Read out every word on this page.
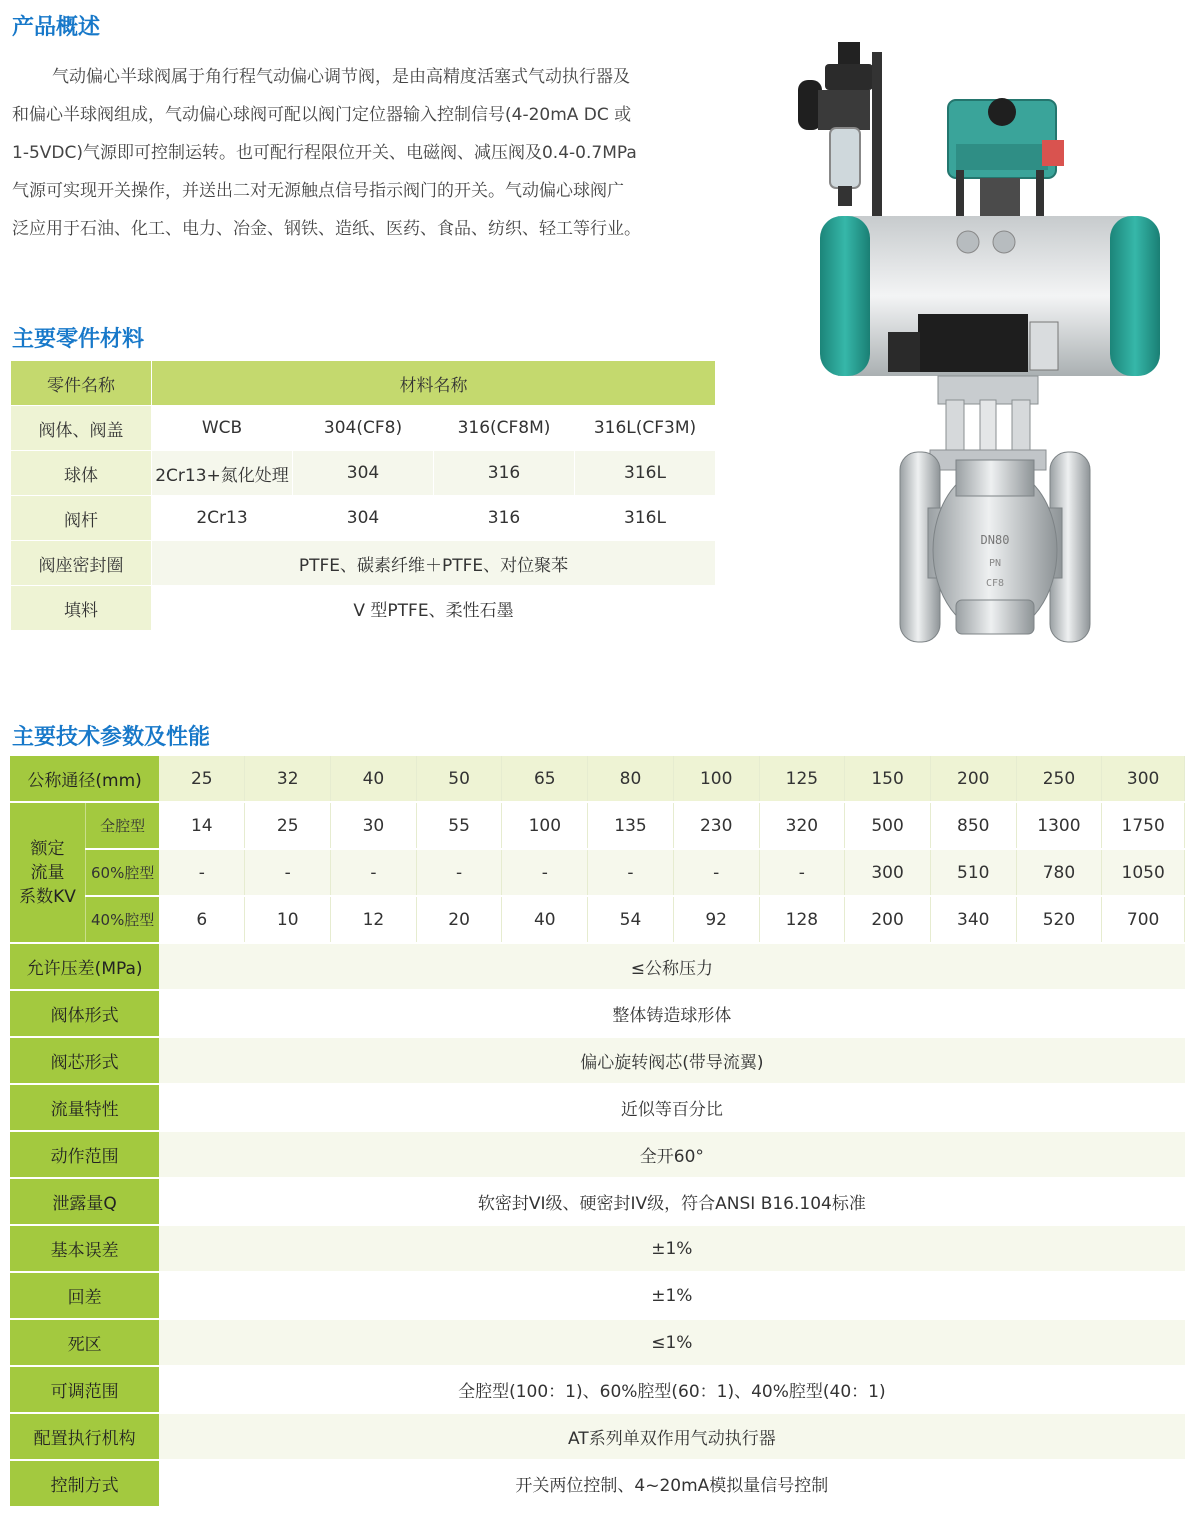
产品概述

气动偏心半球阀属于角行程气动偏心调节阀，是由高精度活塞式气动执行器及
和偏心半球阀组成，气动偏心球阀可配以阀门定位器输入控制信号(4-20mA DC 或
1-5VDC)气源即可控制运转。也可配行程限位开关、电磁阀、减压阀及0.4-0.7MPa
气源可实现开关操作，并送出二对无源触点信号指示阀门的开关。气动偏心球阀广
泛应用于石油、化工、电力、冶金、钢铁、造纸、医药、食品、纺织、轻工等行业。

DN80
PN
CF8
主要零件材料
零件名称	材料名称			
阀体、阀盖	WCB	304(CF8)	316(CF8M)	316L(CF3M)
球体	2Cr13+氮化处理	304	316	316L
阀杆	2Cr13	304	316	316L
阀座密封圈	PTFE、碳素纤维＋PTFE、对位聚苯			
填料	V 型PTFE、柔性石墨			
主要技术参数及性能
公称通径(mm)		25	32	40	50	65	80	100	125	150	200	250	300

额定
流量
系数KV	全腔型	14	25	30	55	100	135	230	320	500	850	1300	1750
	60%腔型	-	-	-	-	-	-	-	-	300	510	780	1050
	40%腔型	6	10	12	20	40	54	92	128	200	340	520	700
允许压差(MPa)		≤公称压力											
阀体形式		整体铸造球形体											
阀芯形式		偏心旋转阀芯(带导流翼)											
流量特性		近似等百分比											
动作范围		全开60°											
泄露量Q		软密封VI级、硬密封IV级，符合ANSI B16.104标准											
基本误差		±1%											
回差		±1%											
死区		≤1%											
可调范围		全腔型(100：1)、60%腔型(60：1)、40%腔型(40：1)											
配置执行机构		AT系列单双作用气动执行器											
控制方式		开关两位控制、4~20mA模拟量信号控制											
